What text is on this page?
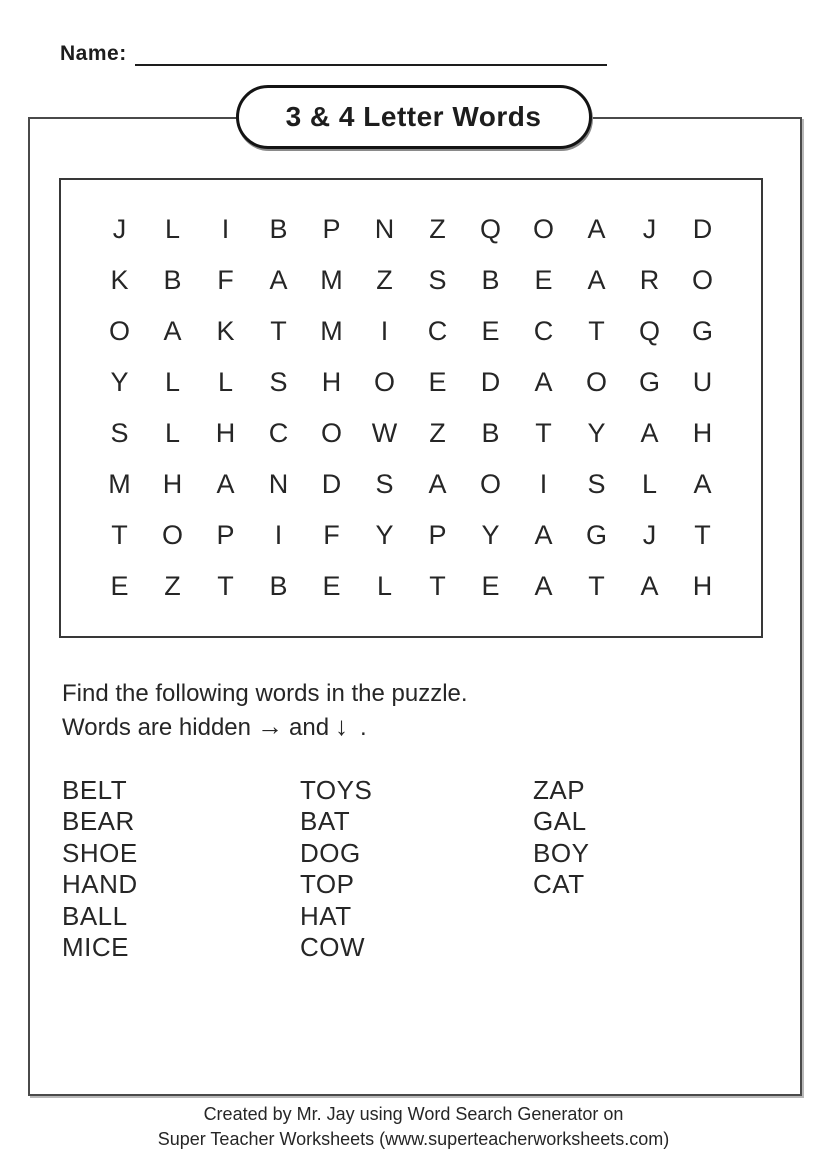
Name:
3 & 4 Letter Words
J	L	I	B	P	N	Z	Q	O	A	J	D
K	B	F	A	M	Z	S	B	E	A	R	O
O	A	K	T	M	I	C	E	C	T	Q	G
Y	L	L	S	H	O	E	D	A	O	G	U
S	L	H	C	O	W	Z	B	T	Y	A	H
M	H	A	N	D	S	A	O	I	S	L	A
T	O	P	I	F	Y	P	Y	A	G	J	T
E	Z	T	B	E	L	T	E	A	T	A	H
Find the following words in the puzzle.
Words are hidden → and ↓ .
BELT
BEAR
SHOE
HAND
BALL
MICE
TOYS
BAT
DOG
TOP
HAT
COW
ZAP
GAL
BOY
CAT
Created by Mr. Jay using Word Search Generator on
Super Teacher Worksheets (www.superteacherworksheets.com)
